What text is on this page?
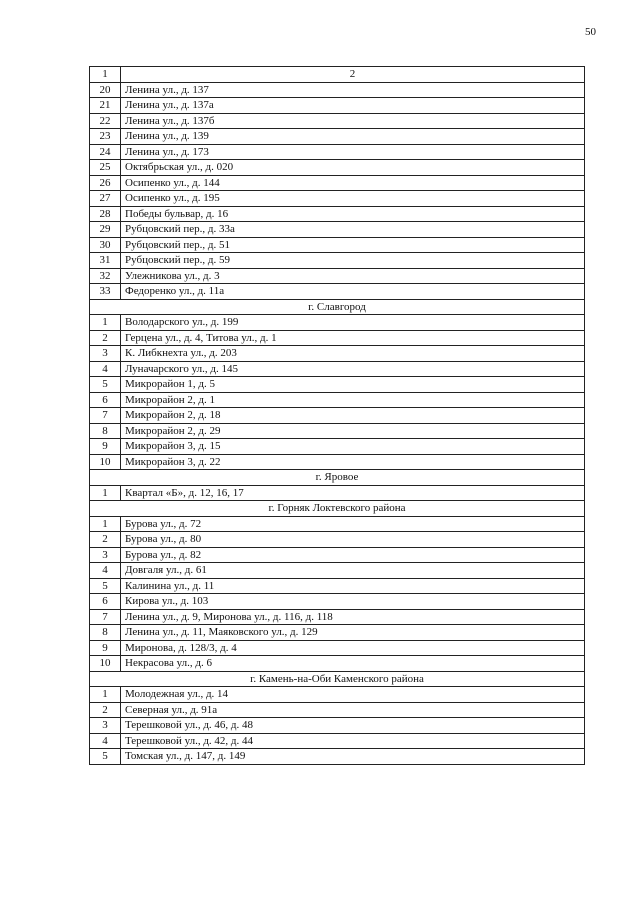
50
1	2
20	Ленина ул., д. 137
21	Ленина ул., д. 137а
22	Ленина ул., д. 137б
23	Ленина ул., д. 139
24	Ленина ул., д. 173
25	Октябрьская ул., д. 020
26	Осипенко ул., д. 144
27	Осипенко ул., д. 195
28	Победы бульвар, д. 16
29	Рубцовский пер., д. 33а
30	Рубцовский пер., д. 51
31	Рубцовский пер., д. 59
32	Улежникова ул., д. 3
33	Федоренко ул., д. 11а
г. Славгород	
1	Володарского ул., д. 199
2	Герцена ул., д. 4, Титова ул., д. 1
3	К. Либкнехта ул., д. 203
4	Луначарского ул., д. 145
5	Микрорайон 1, д. 5
6	Микрорайон 2, д. 1
7	Микрорайон 2, д. 18
8	Микрорайон 2, д. 29
9	Микрорайон 3, д. 15
10	Микрорайон 3, д. 22
г. Яровое	
1	Квартал «Б», д. 12, 16, 17
г. Горняк Локтевского района	
1	Бурова ул., д. 72
2	Бурова ул., д. 80
3	Бурова ул., д. 82
4	Довгаля ул., д. 61
5	Калинина ул., д. 11
6	Кирова ул., д. 103
7	Ленина ул., д. 9, Миронова ул., д. 116, д. 118
8	Ленина ул., д. 11, Маяковского ул., д. 129
9	Миронова, д. 128/3, д. 4
10	Некрасова ул., д. 6
г. Камень-на-Оби Каменского района	
1	Молодежная ул., д. 14
2	Северная ул., д. 91а
3	Терешковой ул., д. 46, д. 48
4	Терешковой ул., д. 42, д. 44
5	Томская ул., д. 147, д. 149
